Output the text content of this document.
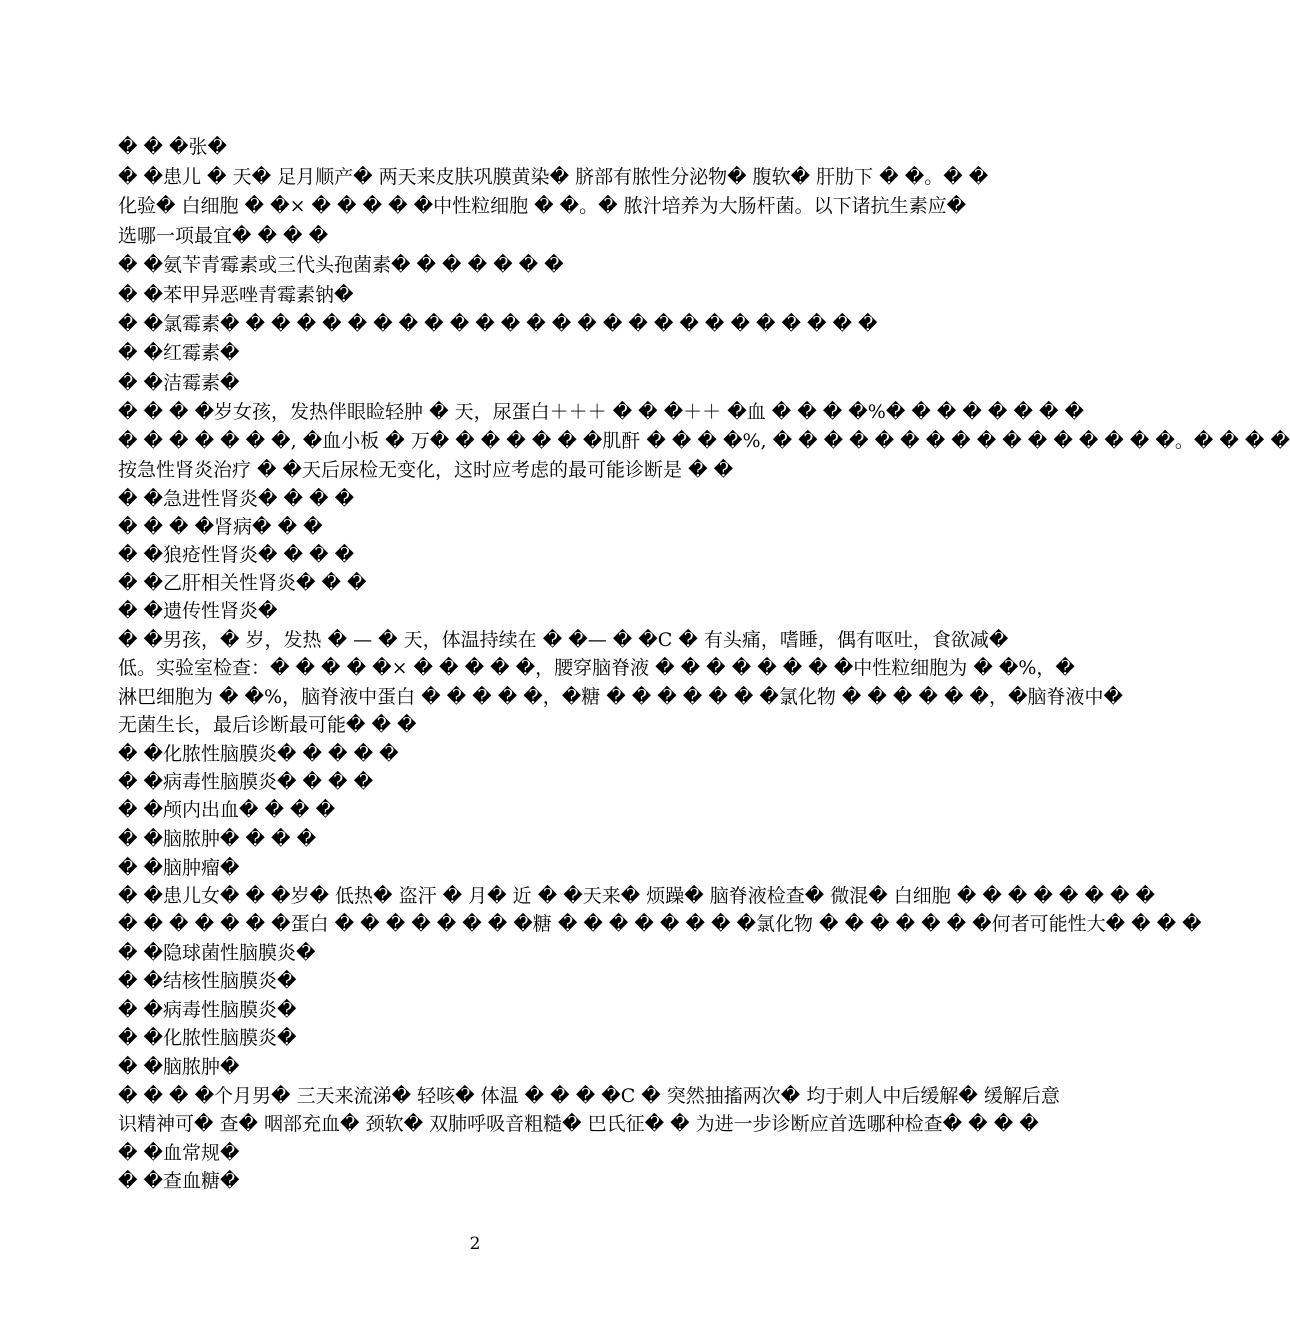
� � �张�
� �患儿 � 天� 足月顺产� 两天来皮肤巩膜黄染� 脐部有脓性分泌物� 腹软� 肝肋下 � �。� �
化验� 白细胞 � �× � � � � �中性粒细胞 � �。� 脓汁培养为大肠杆菌。以下诸抗生素应�
选哪一项最宜� � � �
� �氨苄青霉素或三代头孢菌素� � � � � � �
� �苯甲异恶唑青霉素钠�
� �氯霉素� � � � � � � � � � � � � � � � � � � � � � � � � �
� �红霉素�
� �洁霉素�
� � � �岁女孩，发热伴眼睑轻肿 � 天，尿蛋白＋＋＋ � � �＋＋ �血 � � � �%� � � � � � � �
� � � � � � �, �血小板 � 万� � � � � � �肌酐 � � � �%, � � � � � � � � � � � � � � � �。� � � �
按急性肾炎治疗 � �天后尿检无变化，这时应考虑的最可能诊断是 � �
� �急进性肾炎� � � �
� � � �肾病� � �
� �狼疮性肾炎� � � �
� �乙肝相关性肾炎� � �
� �遗传性肾炎�
� �男孩，� 岁，发热 � — � 天，体温持续在 � �— � �C � 有头痛，嗜睡，偶有呕吐，食欲减�
低。实验室检查：� � � � �× � � � � �，腰穿脑脊液 � � � � � � � �中性粒细胞为 � �%，�
淋巴细胞为 � �%，脑脊液中蛋白 � � � � �，�糖 � � � � � � �氯化物 � � � � � �，�脑脊液中�
无菌生长，最后诊断最可能� � �
� �化脓性脑膜炎� � � � �
� �病毒性脑膜炎� � � �
� �颅内出血� � � �
� �脑脓肿� � � �
� �脑肿瘤�
� �患儿女� � �岁� 低热� 盗汗 � 月� 近 � �天来� 烦躁� 脑脊液检查� 微混� 白细胞 � � � � � � � �
� � � � � � �蛋白 � � � � � � � �糖 � � � � � � � �氯化物 � � � � � � �何者可能性大� � � �
� �隐球菌性脑膜炎�
� �结核性脑膜炎�
� �病毒性脑膜炎�
� �化脓性脑膜炎�
� �脑脓肿�
� � � �个月男� 三天来流涕� 轻咳� 体温 � � � �C � 突然抽搐两次� 均于刺人中后缓解� 缓解后意
识精神可� 查� 咽部充血� 颈软� 双肺呼吸音粗糙� 巴氏征� � 为进一步诊断应首选哪种检查� � � �
� �血常规�
� �查血糖�
2
